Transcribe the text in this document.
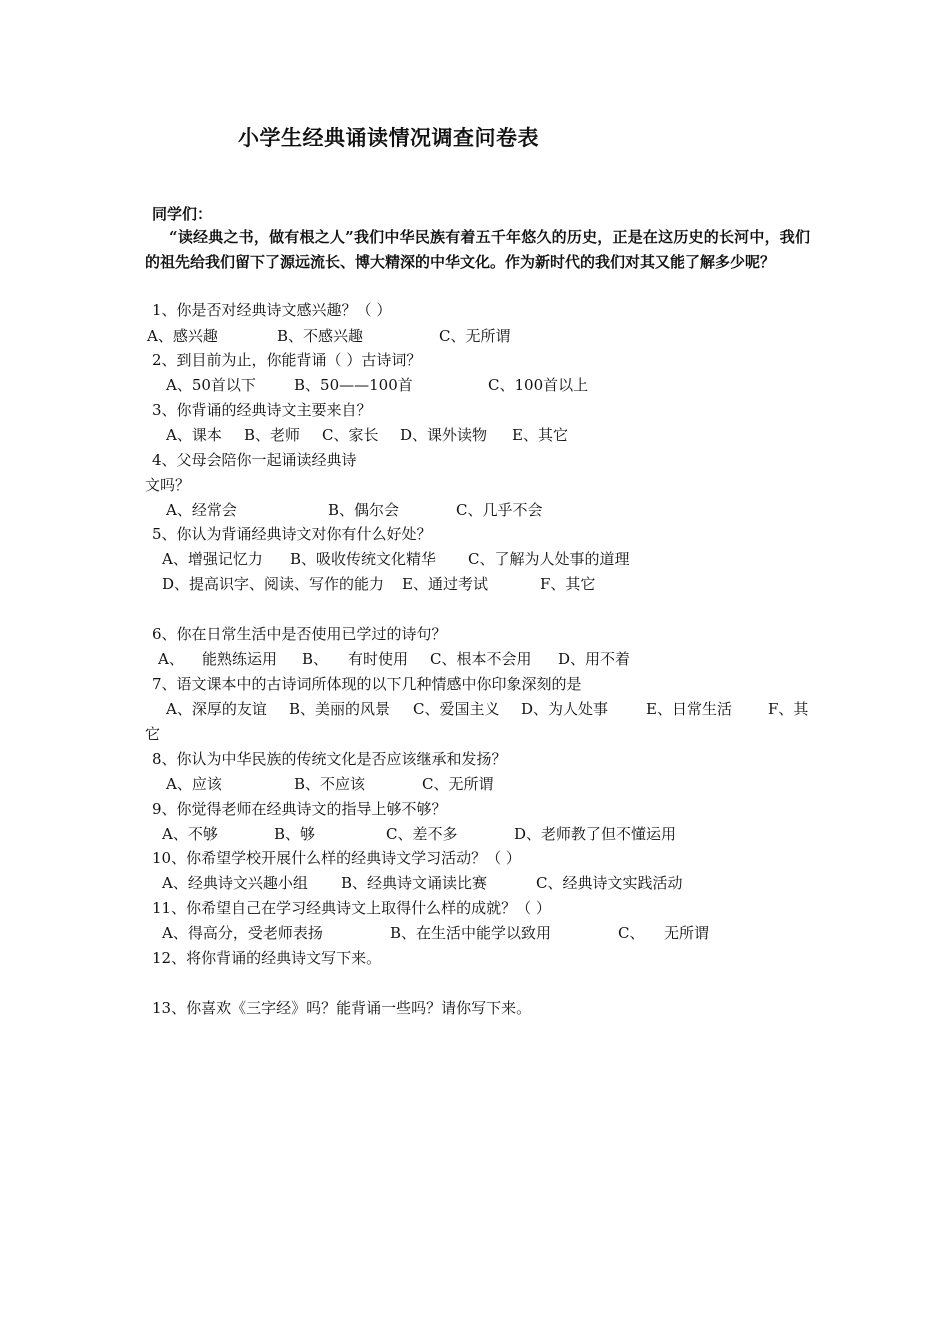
小学生经典诵读情况调查问卷表
同学们：
“读经典之书，做有根之人”我们中华民族有着五千年悠久的历史，正是在这历史的长河中，我们的祖先给我们留下了源远流长、博大精深的中华文化。作为新时代的我们对其又能了解多少呢？
1、你是否对经典诗文感兴趣？（ ）
A、感兴趣	B、不感兴趣	C、无所谓
2、到目前为止，你能背诵（ ）古诗词？
A、50首以下	B、50——100首	C、100首以上
3、你背诵的经典诗文主要来自？
A、课本 B、老师 C、家长 D、课外读物 E、其它
4、父母会陪你一起诵读经典诗
文吗？
A、经常会	B、偶尔会	C、几乎不会
5、你认为背诵经典诗文对你有什么好处？
A、增强记忆力 B、吸收传统文化精华 C、了解为人处事的道理
D、提高识字、阅读、写作的能力 E、通过考试	F、其它
6、你在日常生活中是否使用已学过的诗句？
A、 能熟练运用 B、 有时使用 C、根本不会用 D、用不着
7、语文课本中的古诗词所体现的以下几种情感中你印象深刻的是
A、深厚的友谊 B、美丽的风景 C、爱国主义 D、为人处事	E、日常生活 F、其
它
8、你认为中华民族的传统文化是否应该继承和发扬？
A、应该	B、不应该	C、无所谓
9、你觉得老师在经典诗文的指导上够不够？
A、不够	B、够	C、差不多	D、老师教了但不懂运用
10、你希望学校开展什么样的经典诗文学习活动？（ ）
A、经典诗文兴趣小组 B、经典诗文诵读比赛	C、经典诗文实践活动
11、你希望自己在学习经典诗文上取得什么样的成就？（ ）
A、得高分，受老师表扬	B、在生活中能学以致用	C、 无所谓
12、将你背诵的经典诗文写下来。
13、你喜欢《三字经》吗？能背诵一些吗？请你写下来。
